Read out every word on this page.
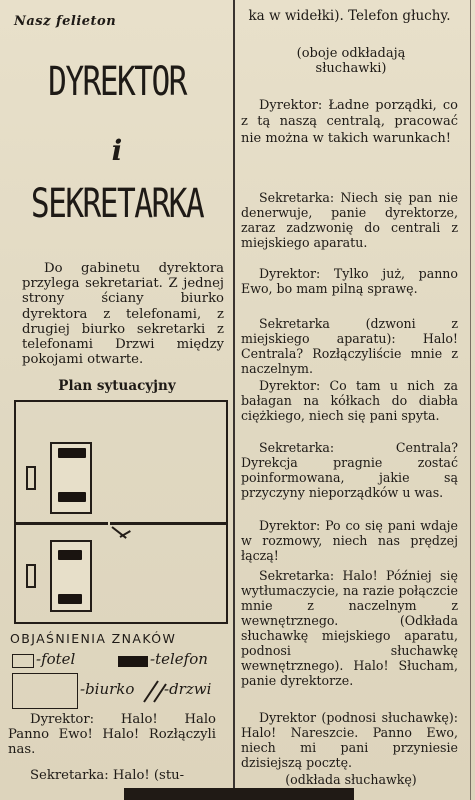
Nasz felieton
DYREKTOR
i
SEKRETARKA
Do gabinetu dyrektora przylega sekretariat. Z jednej strony ściany biurko dyrektora z telefonami, z drugiej biurko sekretarki z telefonami Drzwi między pokojami otwarte.
Plan sytuacyjny
OBJAŚNIENIA ZNAKÓW
-fotel	-telefon
-biurko -drzwi
Dyrektor: Halo! Halo Panno Ewo! Halo! Rozłączyli nas.
Sekretarka: Halo! (stu-
ka w widełki). Telefon głuchy.
(oboje odkładają słuchawki)
Dyrektor: Ładne porządki, co z tą naszą centralą, pracować nie można w takich warunkach!
Sekretarka: Niech się pan nie denerwuje, panie dyrektorze, zaraz zadzwonię do centrali z miejskiego aparatu.
Dyrektor: Tylko już, panno Ewo, bo mam pilną sprawę.
Sekretarka (dzwoni z miejskiego aparatu): Halo! Centrala? Rozłączyliście mnie z naczelnym.
Dyrektor: Co tam u nich za bałagan na kółkach do diabła ciężkiego, niech się pani spyta.
Sekretarka: Centrala? Dyrekcja pragnie zostać poinformowana, jakie są przyczyny nieporządków u was.
Dyrektor: Po co się pani wdaje w rozmowy, niech nas prędzej łączą!
Sekretarka: Halo! Później się wytłumaczycie, na razie połączcie mnie z naczelnym z wewnętrznego. (Odkłada słuchawkę miejskiego aparatu, podnosi słuchawkę wewnętrznego). Halo! Słucham, panie dyrektorze.
Dyrektor (podnosi słuchawkę): Halo! Nareszcie. Panno Ewo, niech mi pani przyniesie dzisiejszą pocztę.
(odkłada słuchawkę)
